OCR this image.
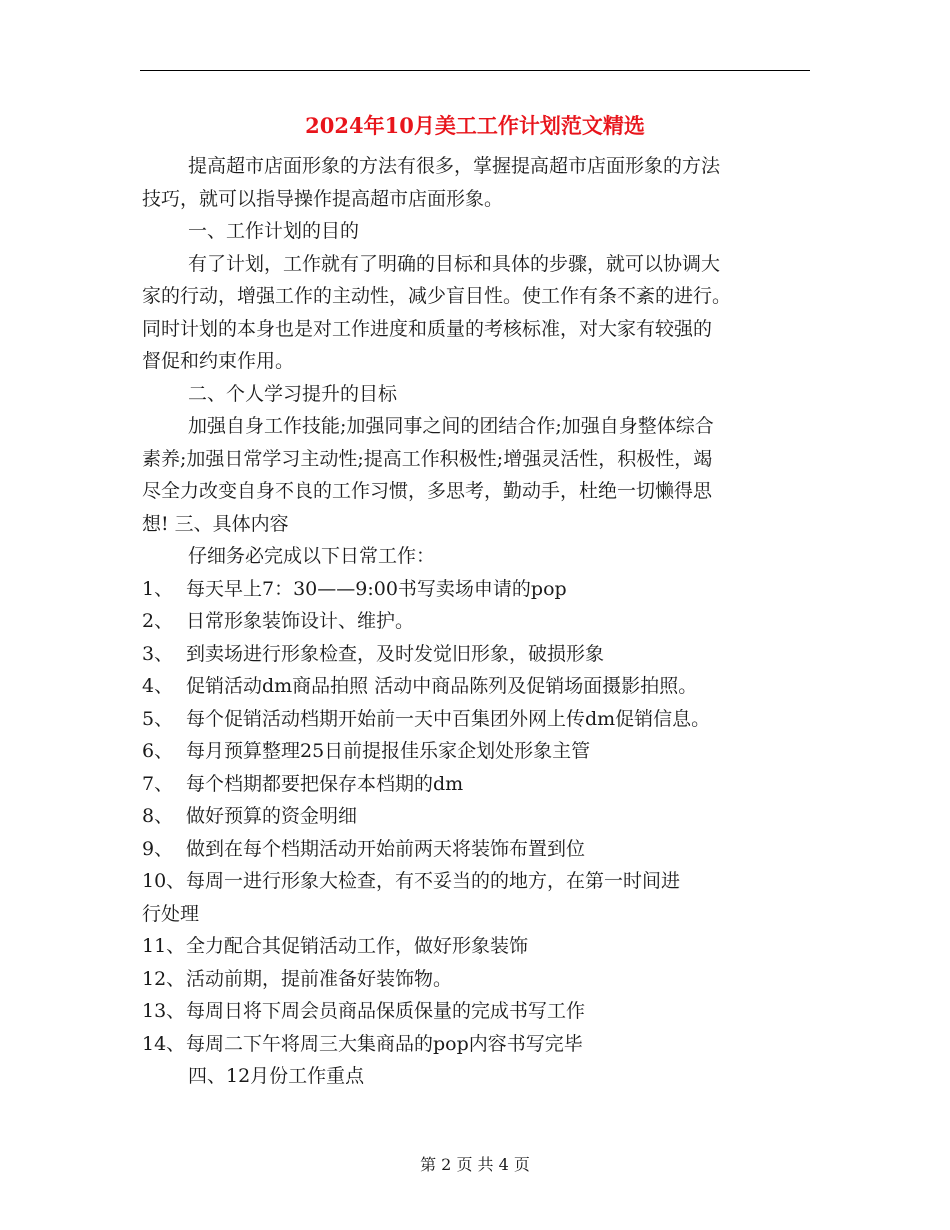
2024年10月美工工作计划范文精选

提高超市店面形象的方法有很多，掌握提高超市店面形象的方法

技巧，就可以指导操作提高超市店面形象。

一、工作计划的目的

有了计划，工作就有了明确的目标和具体的步骤，就可以协调大

家的行动，增强工作的主动性，减少盲目性。使工作有条不紊的进行。

同时计划的本身也是对工作进度和质量的考核标准，对大家有较强的

督促和约束作用。

二、个人学习提升的目标

加强自身工作技能;加强同事之间的团结合作;加强自身整体综合

素养;加强日常学习主动性;提高工作积极性;增强灵活性，积极性，竭

尽全力改变自身不良的工作习惯，多思考，勤动手，杜绝一切懒得思

想! 三、具体内容

仔细务必完成以下日常工作：

1、 每天早上7：30——9:00书写卖场申请的pop

2、 日常形象装饰设计、维护。

3、 到卖场进行形象检查，及时发觉旧形象，破损形象

4、 促销活动dm商品拍照 活动中商品陈列及促销场面摄影拍照。

5、 每个促销活动档期开始前一天中百集团外网上传dm促销信息。

6、 每月预算整理25日前提报佳乐家企划处形象主管

7、 每个档期都要把保存本档期的dm

8、 做好预算的资金明细

9、 做到在每个档期活动开始前两天将装饰布置到位

10、每周一进行形象大检查，有不妥当的的地方，在第一时间进

行处理

11、全力配合其促销活动工作，做好形象装饰

12、活动前期，提前准备好装饰物。

13、每周日将下周会员商品保质保量的完成书写工作

14、每周二下午将周三大集商品的pop内容书写完毕

四、12月份工作重点

第 2 页 共 4 页
